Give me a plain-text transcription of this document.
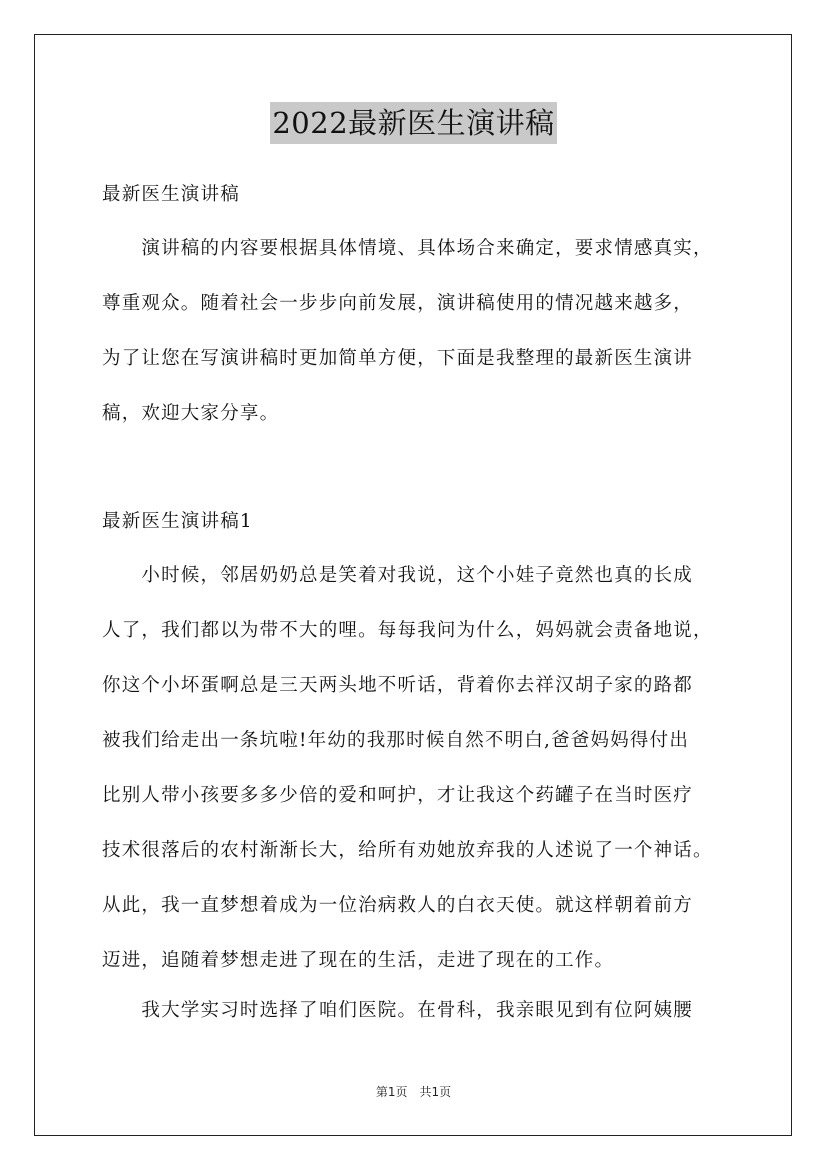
2022最新医生演讲稿
最新医生演讲稿
　　演讲稿的内容要根据具体情境、具体场合来确定，要求情感真实，
尊重观众。随着社会一步步向前发展，演讲稿使用的情况越来越多，
为了让您在写演讲稿时更加简单方便，下面是我整理的最新医生演讲
稿，欢迎大家分享。
最新医生演讲稿1
　　小时候，邻居奶奶总是笑着对我说，这个小娃子竟然也真的长成
人了，我们都以为带不大的哩。每每我问为什么，妈妈就会责备地说，
你这个小坏蛋啊总是三天两头地不听话，背着你去祥汉胡子家的路都
被我们给走出一条坑啦!年幼的我那时候自然不明白,爸爸妈妈得付出
比别人带小孩要多多少倍的爱和呵护，才让我这个药罐子在当时医疗
技术很落后的农村渐渐长大，给所有劝她放弃我的人述说了一个神话。
从此，我一直梦想着成为一位治病救人的白衣天使。就这样朝着前方
迈进，追随着梦想走进了现在的生活，走进了现在的工作。
　　我大学实习时选择了咱们医院。在骨科，我亲眼见到有位阿姨腰
第1页　共1页
